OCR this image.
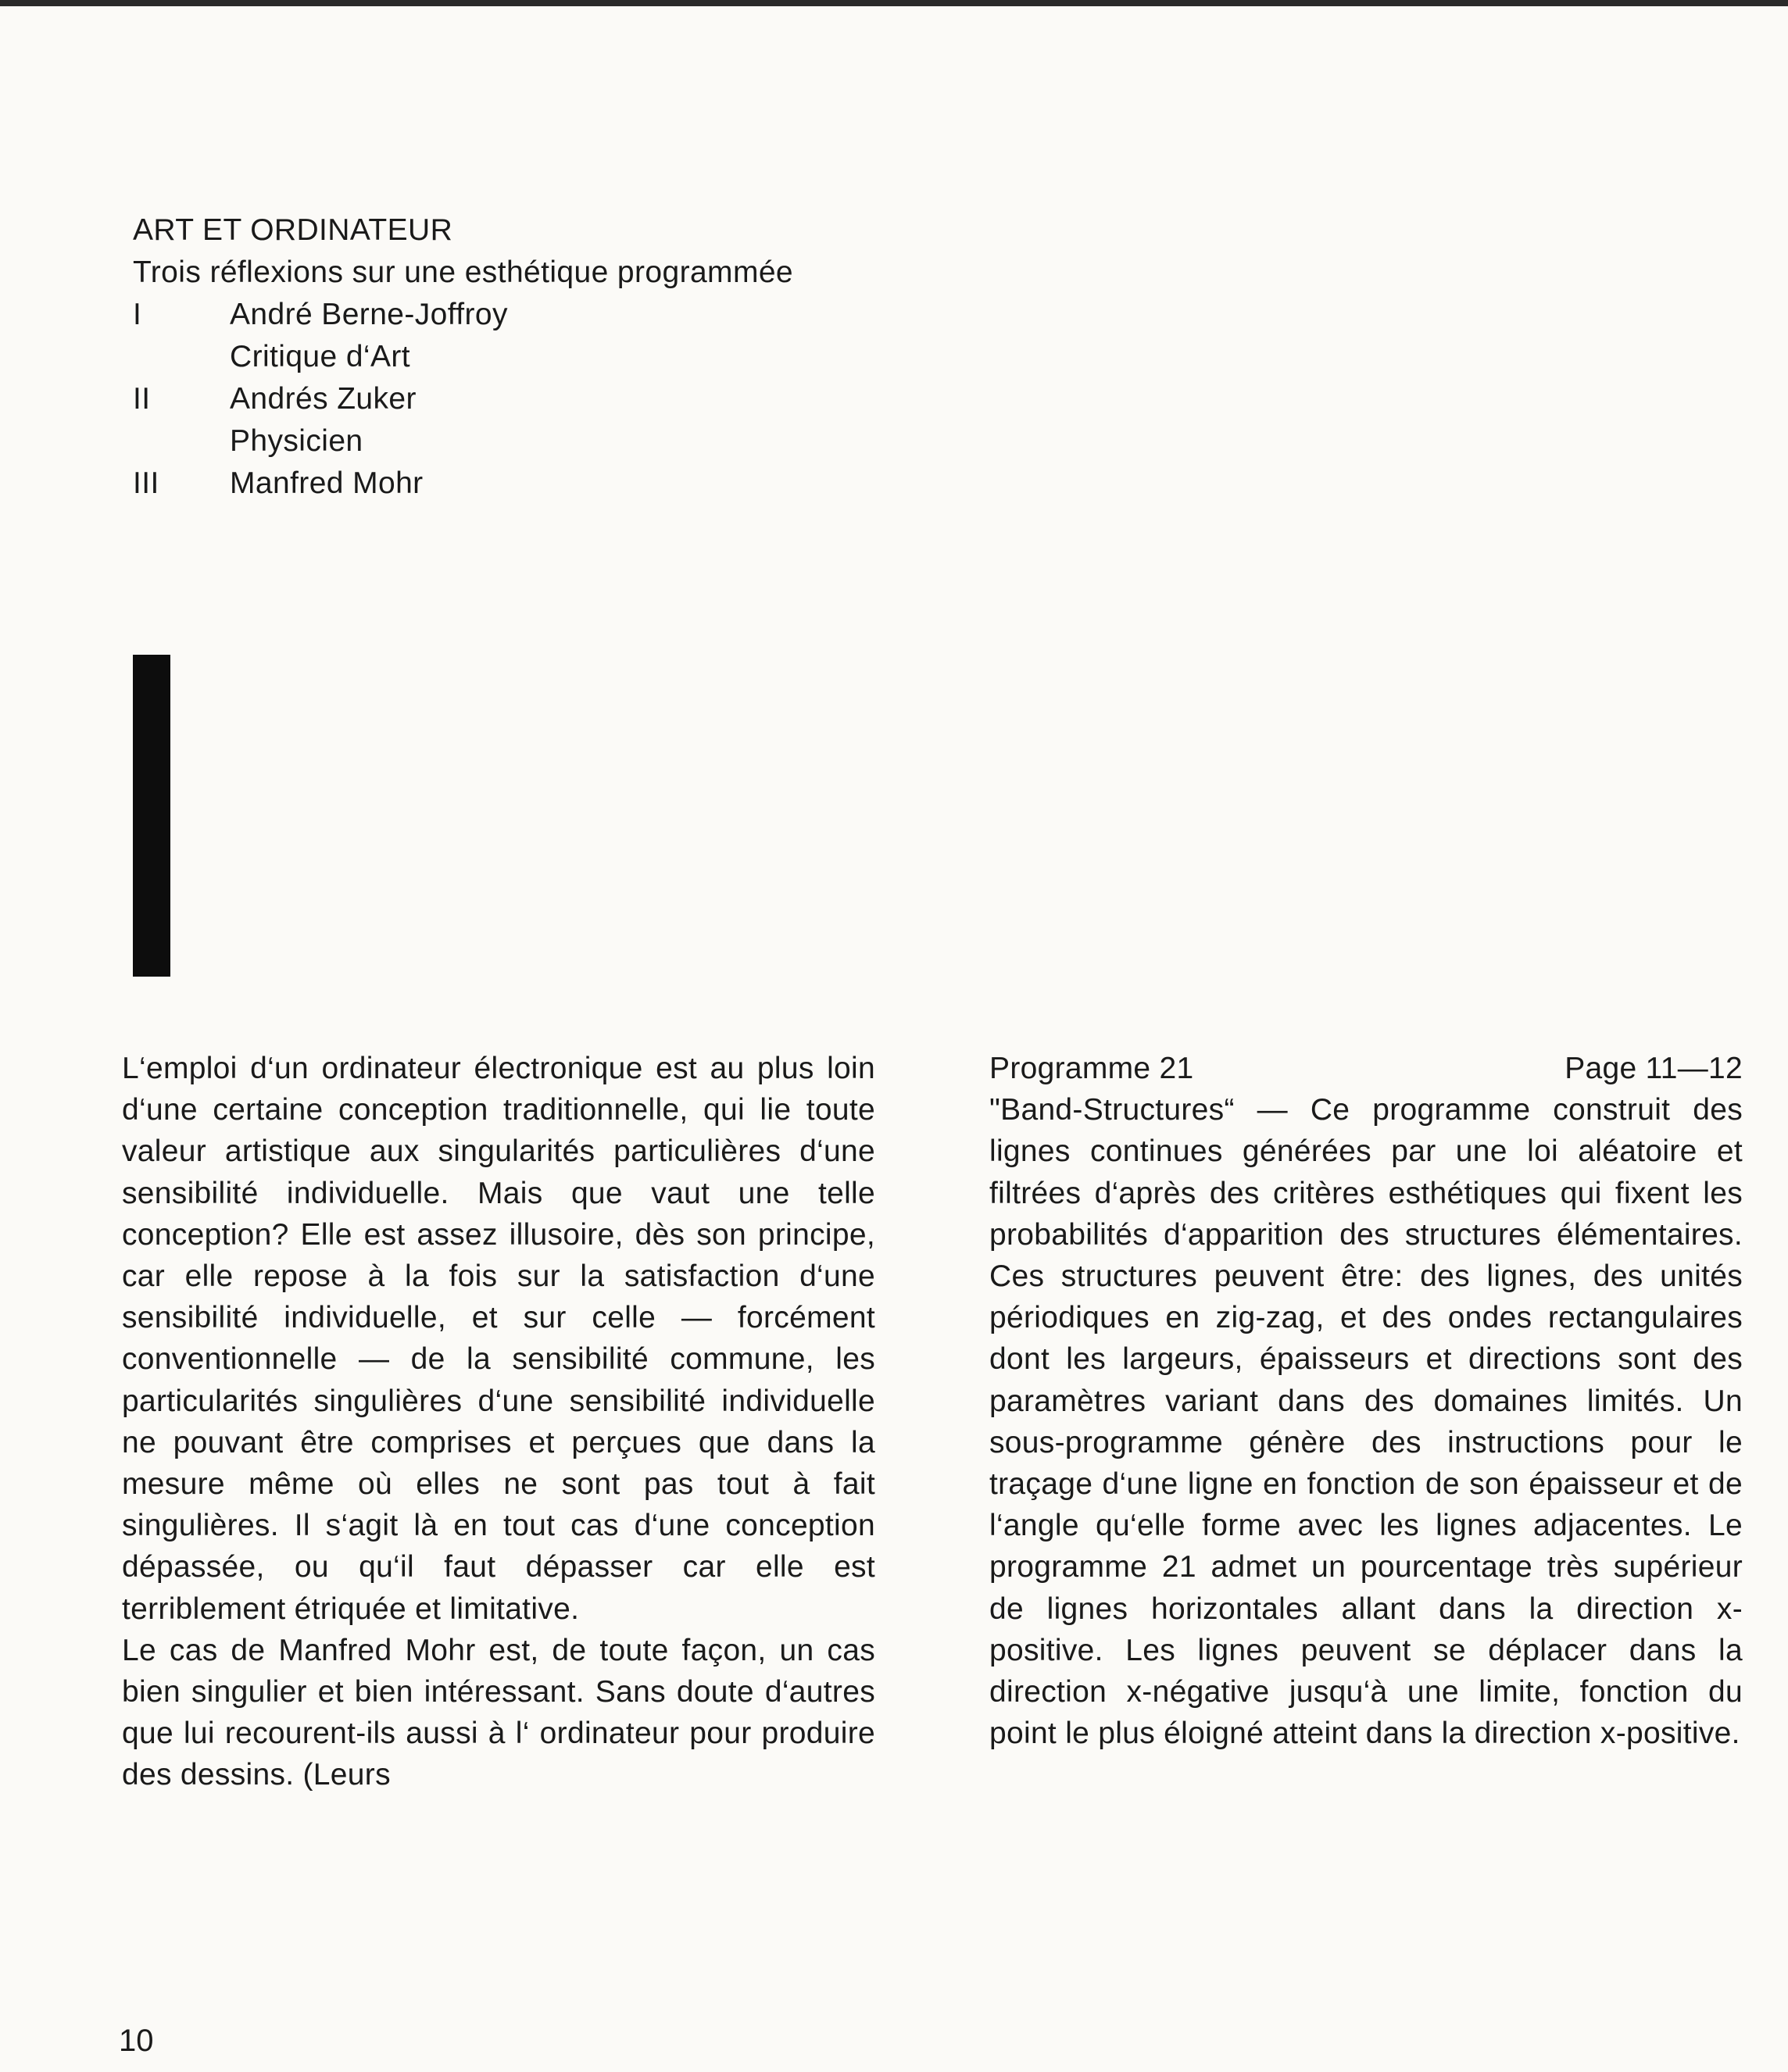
ART ET ORDINATEUR
Trois réflexions sur une esthétique programmée
I	André Berne-Joffroy
Critique d‘Art
II	Andrés Zuker
Physicien
III	Manfred Mohr

L‘emploi d‘un ordinateur électronique est au plus loin d‘une certaine conception traditionnelle, qui lie toute valeur artistique aux singularités particulières d‘une sensibilité individuelle. Mais que vaut une telle conception? Elle est assez illusoire, dès son principe, car elle repose à la fois sur la satisfaction d‘une sensibilité individuelle, et sur celle — forcément conventionnelle — de la sensibilité commune, les particularités singulières d‘une sensibilité individuelle ne pouvant être comprises et perçues que dans la mesure même où elles ne sont pas tout à fait singulières. Il s‘agit là en tout cas d‘une conception dépassée, ou qu‘il faut dépasser car elle est terriblement étriquée et limitative.

Le cas de Manfred Mohr est, de toute façon, un cas bien singulier et bien intéressant. Sans doute d‘autres que lui recourent-ils aussi à l‘ ordinateur pour produire des dessins. (Leurs

Programme 21	Page 11—12

"Band-Structures“ — Ce programme construit des lignes continues générées par une loi aléatoire et filtrées d‘après des critères esthétiques qui fixent les probabilités d‘apparition des structures élémentaires. Ces structures peuvent être: des lignes, des unités périodiques en zig-zag, et des ondes rectangulaires dont les largeurs, épaisseurs et directions sont des paramètres variant dans des domaines limités. Un sous-programme génère des instructions pour le traçage d‘une ligne en fonction de son épaisseur et de l‘angle qu‘elle forme avec les lignes adjacentes. Le programme 21 admet un pourcentage très supérieur de lignes horizontales allant dans la direction x-positive. Les lignes peuvent se déplacer dans la direction x-négative jusqu‘à une limite, fonction du point le plus éloigné atteint dans la direction x-positive.

10
